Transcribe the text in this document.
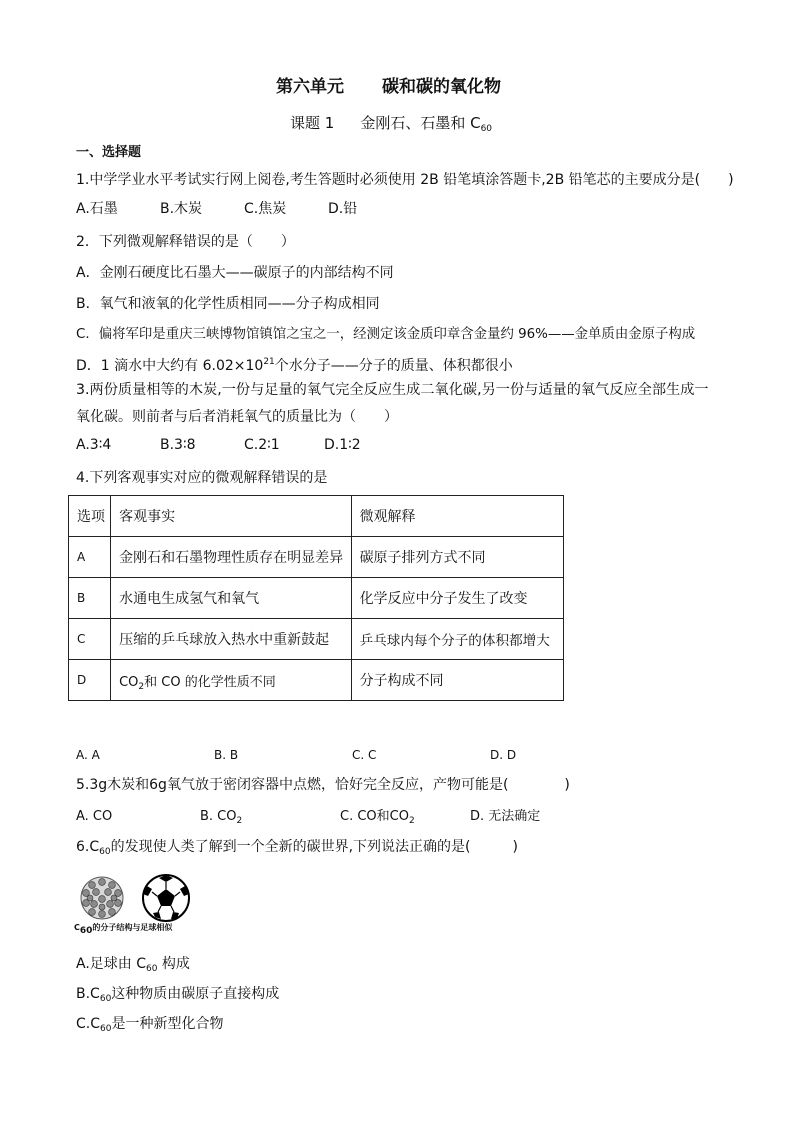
第六单元 碳和碳的氧化物
课题 1 金刚石、石墨和 $C_{60}$
一、选择题
1.中学学业水平考试实行网上阅卷,考生答题时必须使用 2B 铅笔填涂答题卡,2B 铅笔芯的主要成分是(　　)
A.石墨	B.木炭	C.焦炭	D.铅
2．下列微观解释错误的是（　　）
A．金刚石硬度比石墨大——碳原子的内部结构不同
B．氧气和液氧的化学性质相同——分子构成相同
C．偏将军印是重庆三峡博物馆镇馆之宝之一，经测定该金质印章含金量约 96%——金单质由金原子构成
D．1 滴水中大约有 $6.02\times 10^{21}$个水分子——分子的质量、体积都很小
3.两份质量相等的木炭,一份与足量的氧气完全反应生成二氧化碳,另一份与适量的氧气反应全部生成一
氧化碳。则前者与后者消耗氧气的质量比为（　　）
A.3∶4	B.3∶8	C.2∶1	D.1∶2
4.下列客观事实对应的微观解释错误的是
选项	客观事实	微观解释
A	金刚石和石墨物理性质存在明显差异	碳原子排列方式不同
B	水通电生成氢气和氧气	化学反应中分子发生了改变
C	压缩的乒乓球放入热水中重新鼓起	乒乓球内每个分子的体积都增大
D	$CO_2$和 CO 的化学性质不同	分子构成不同
A. A	B. B	C. C	D. D
5.3g木炭和6g氧气放于密闭容器中点燃，恰好完全反应，产物可能是(　　　　)
A. CO	B. $CO_2$	C. CO和$CO_2$	D. 无法确定
$6.C_{60}$的发现使人类了解到一个全新的碳世界,下列说法正确的是(　　　)
$C_{60}$的分子结构与足球相似
A.足球由 $C_{60}$ 构成
$B.C_{60}$这种物质由碳原子直接构成
$C.C_{60}$是一种新型化合物
